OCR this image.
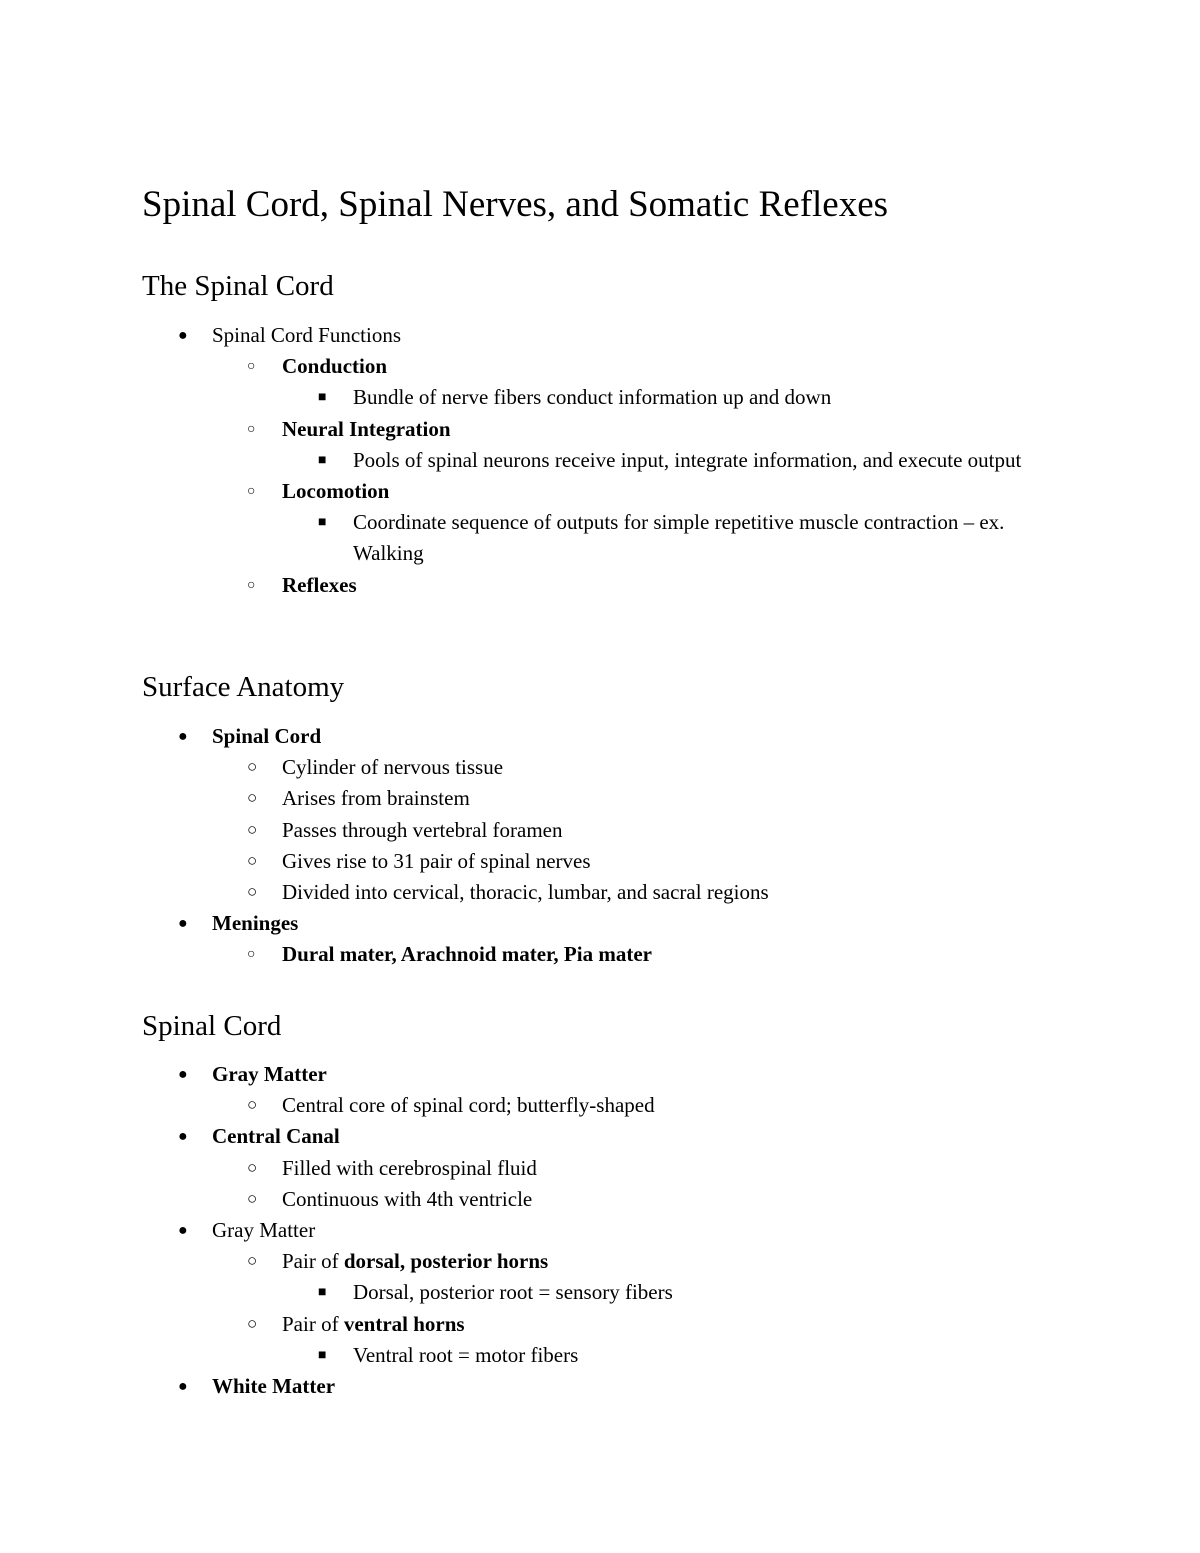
Spinal Cord, Spinal Nerves, and Somatic Reflexes
The Spinal Cord
● Spinal Cord Functions
○ Conduction
■ Bundle of nerve fibers conduct information up and down
○ Neural Integration
■ Pools of spinal neurons receive input, integrate information, and execute output
○ Locomotion
■ Coordinate sequence of outputs for simple repetitive muscle contraction – ex. Walking
○ Reflexes
Surface Anatomy
● Spinal Cord
○ Cylinder of nervous tissue
○ Arises from brainstem
○ Passes through vertebral foramen
○ Gives rise to 31 pair of spinal nerves
○ Divided into cervical, thoracic, lumbar, and sacral regions
● Meninges
○ Dural mater, Arachnoid mater, Pia mater
Spinal Cord
● Gray Matter
○ Central core of spinal cord; butterfly-shaped
● Central Canal
○ Filled with cerebrospinal fluid
○ Continuous with 4th ventricle
● Gray Matter
○ Pair of dorsal, posterior horns
■ Dorsal, posterior root = sensory fibers
○ Pair of ventral horns
■ Ventral root = motor fibers
● White Matter
